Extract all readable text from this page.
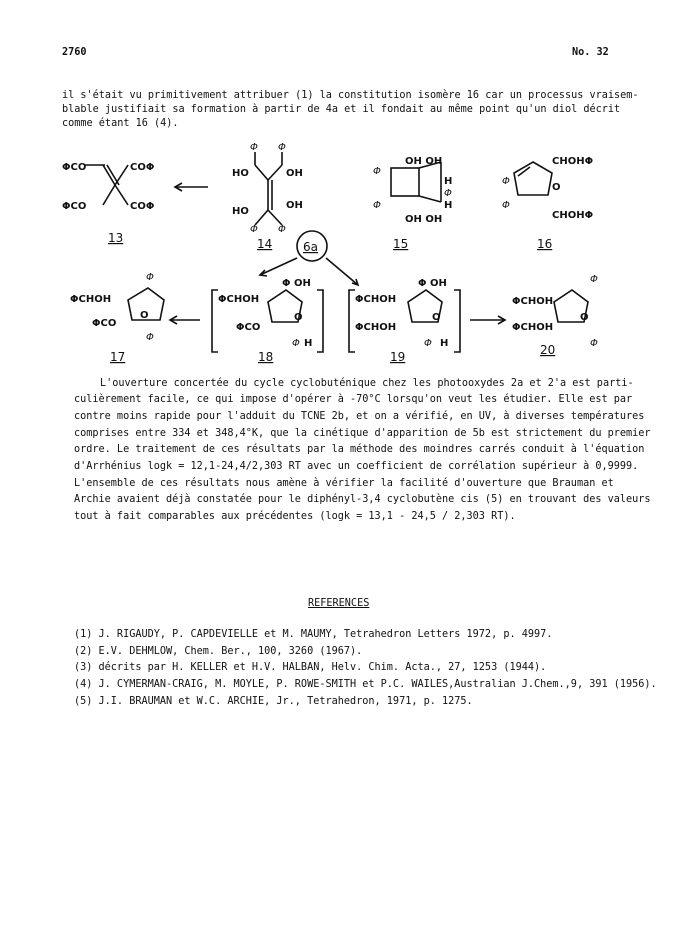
2760	No. 32
il s'était vu primitivement attribuer (1) la constitution isomère 16 car un processus vraisem-
blable justifiait sa formation à partir de 4a et il fondait au même point qu'un diol décrit
comme étant 16 (4).
ΦCO	COΦ
ΦCO	COΦ
13
Φ Φ
HO	OH
HO
OH
Φ Φ
14	6a
OH OH
Φ
H
Φ
H
Φ
OH OH
15
CHOHΦ
Φ
O
Φ
CHOHΦ
16
Φ
ΦCHOH
O
ΦCO
Φ
17
Φ OH
ΦCHOH
O
ΦCO
Φ H
18
Φ OH
ΦCHOH
O
ΦCHOH
Φ H
19
Φ
ΦCHOH
O
ΦCHOH
Φ
20
L'ouverture concertée du cycle cyclobuténique chez les photooxydes 2a et 2'a est parti-
culièrement facile, ce qui impose d'opérer à -70°C lorsqu'on veut les étudier. Elle est par
contre moins rapide pour l'adduit du TCNE 2b, et on a vérifié, en UV, à diverses températures
comprises entre 334 et 348,4°K, que la cinétique d'apparition de 5b est strictement du premier
ordre. Le traitement de ces résultats par la méthode des moindres carrés conduit à l'équation
d'Arrhénius logk = 12,1-24,4/2,303 RT avec un coefficient de corrélation supérieur à 0,9999.
L'ensemble de ces résultats nous amène à vérifier la facilité d'ouverture que Brauman et
Archie avaient déjà constatée pour le diphényl-3,4 cyclobutène cis (5) en trouvant des valeurs
tout à fait comparables aux précédentes (logk = 13,1 - 24,5 / 2,303 RT).
REFERENCES
(1) J. RIGAUDY, P. CAPDEVIELLE et M. MAUMY, Tetrahedron Letters 1972, p. 4997.
(2) E.V. DEHMLOW, Chem. Ber., 100, 3260 (1967).
(3) décrits par H. KELLER et H.V. HALBAN, Helv. Chim. Acta., 27, 1253 (1944).
(4) J. CYMERMAN-CRAIG, M. MOYLE, P. ROWE-SMITH et P.C. WAILES,Australian J.Chem.,9, 391 (1956).
(5) J.I. BRAUMAN et W.C. ARCHIE, Jr., Tetrahedron, 1971, p. 1275.
